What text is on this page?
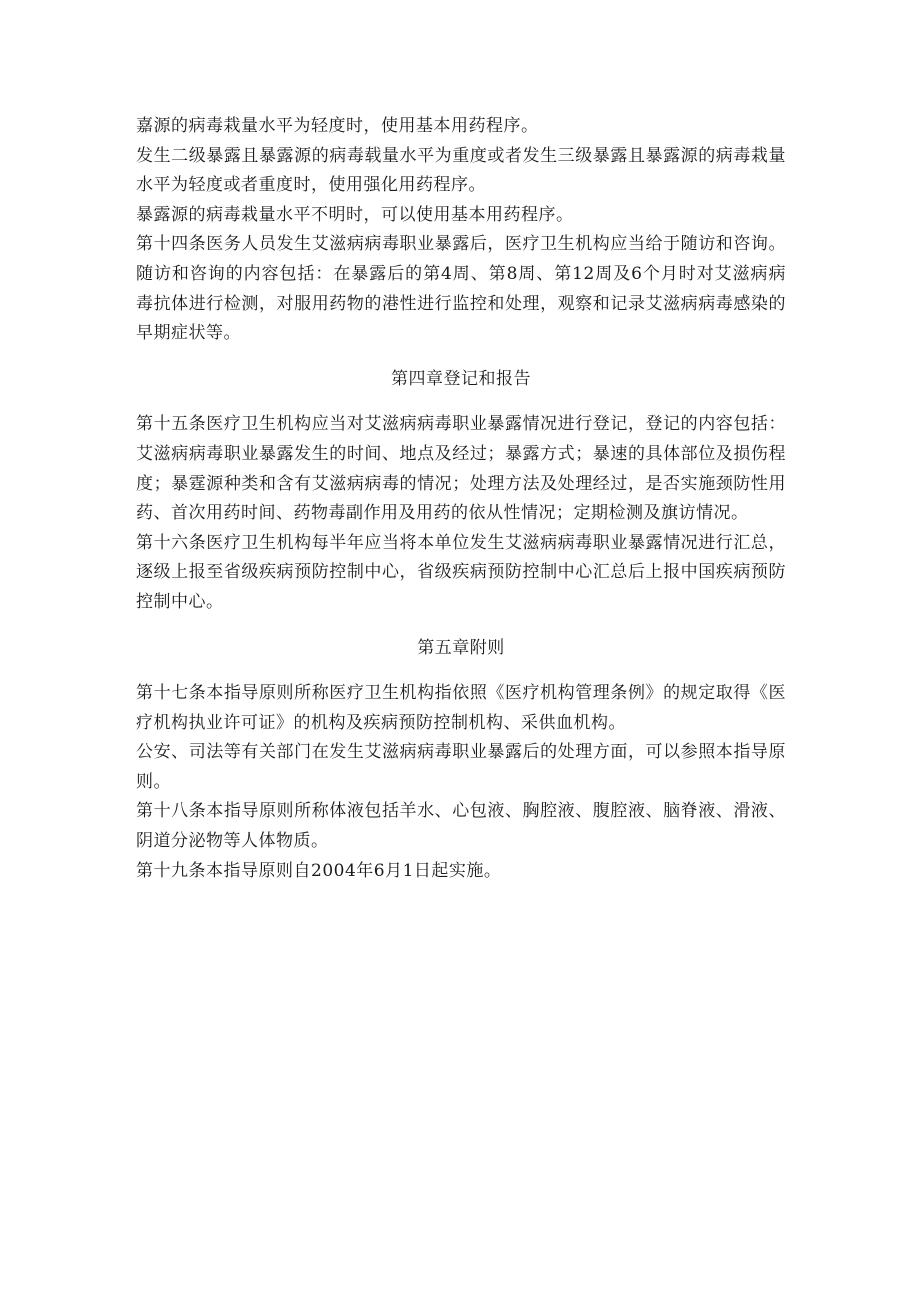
嘉源的病毒栽量水平为轻度时，使用基本用药程序。

发生二级暴露且暴露源的病毒载量水平为重度或者发生三级暴露且暴露源的病毒栽量水平为轻度或者重度时，使用强化用药程序。

暴露源的病毒栽量水平不明时，可以使用基本用药程序。

第十四条医务人员发生艾滋病病毒职业暴露后，医疗卫生机构应当给于随访和咨询。随访和咨询的内容包括：在暴露后的第4周、第8周、第12周及6个月时对艾滋病病毒抗体进行检测，对服用药物的港性进行监控和处理，观察和记录艾滋病病毒感染的早期症状等。

第四章登记和报告

第十五条医疗卫生机构应当对艾滋病病毒职业暴露情况进行登记，登记的内容包括：艾滋病病毒职业暴露发生的时间、地点及经过；暴露方式；暴速的具体部位及损伤程度；暴霆源种类和含有艾滋病病毒的情况；处理方法及处理经过，是否实施颈防性用药、首次用药时间、药物毒副作用及用药的依从性情况；定期检测及旗访情况。

第十六条医疗卫生机构每半年应当将本单位发生艾滋病病毒职业暴露情况进行汇总，逐级上报至省级疾病预防控制中心，省级疾病预防控制中心汇总后上报中国疾病预防控制中心。

第五章附则

第十七条本指导原则所称医疗卫生机构指依照《医疗机构管理条例》的规定取得《医疗机构执业许可证》的机构及疾病预防控制机构、采供血机构。

公安、司法等有关部门在发生艾滋病病毒职业暴露后的处理方面，可以参照本指导原则。

第十八条本指导原则所称体液包括羊水、心包液、胸腔液、腹腔液、脑脊液、滑液、阴道分泌物等人体物质。

第十九条本指导原则自2004年6月1日起实施。
